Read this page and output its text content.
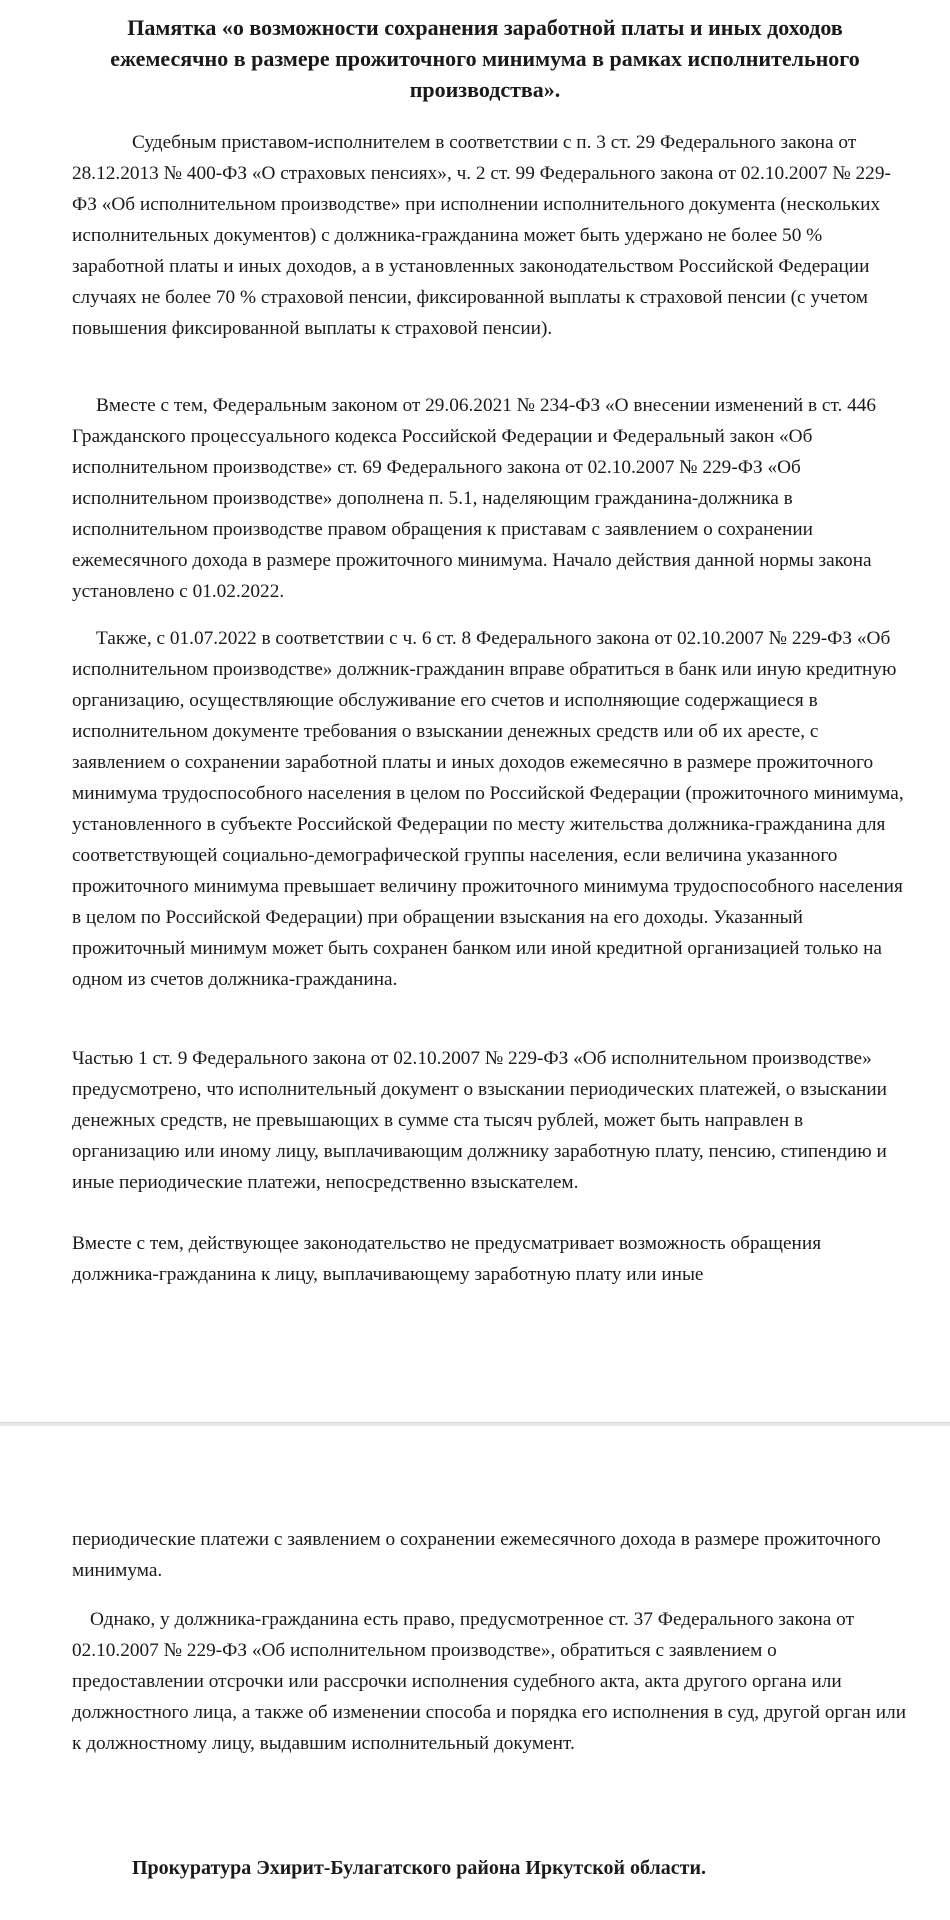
Памятка «о возможности сохранения заработной платы и иных доходов ежемесячно в размере прожиточного минимума в рамках исполнительного производства».

Судебным приставом-исполнителем в соответствии с п. 3 ст. 29 Федерального закона от 28.12.2013 № 400-ФЗ «О страховых пенсиях», ч. 2 ст. 99 Федерального закона от 02.10.2007 № 229-ФЗ «Об исполнительном производстве» при исполнении исполнительного документа (нескольких исполнительных документов) с должника-гражданина может быть удержано не более 50 % заработной платы и иных доходов, а в установленных законодательством Российской Федерации случаях не более 70 % страховой пенсии, фиксированной выплаты к страховой пенсии (с учетом повышения фиксированной выплаты к страховой пенсии).

Вместе с тем, Федеральным законом от 29.06.2021 № 234-ФЗ «О внесении изменений в ст. 446 Гражданского процессуального кодекса Российской Федерации и Федеральный закон «Об исполнительном производстве» ст. 69 Федерального закона от 02.10.2007 № 229-ФЗ «Об исполнительном производстве» дополнена п. 5.1, наделяющим гражданина-должника в исполнительном производстве правом обращения к приставам с заявлением о сохранении ежемесячного дохода в размере прожиточного минимума. Начало действия данной нормы закона установлено с 01.02.2022.

Также, с 01.07.2022 в соответствии с ч. 6 ст. 8 Федерального закона от 02.10.2007 № 229-ФЗ «Об исполнительном производстве» должник-гражданин вправе обратиться в банк или иную кредитную организацию, осуществляющие обслуживание его счетов и исполняющие содержащиеся в исполнительном документе требования о взыскании денежных средств или об их аресте, с заявлением о сохранении заработной платы и иных доходов ежемесячно в размере прожиточного минимума трудоспособного населения в целом по Российской Федерации (прожиточного минимума, установленного в субъекте Российской Федерации по месту жительства должника-гражданина для соответствующей социально-демографической группы населения, если величина указанного прожиточного минимума превышает величину прожиточного минимума трудоспособного населения в целом по Российской Федерации) при обращении взыскания на его доходы. Указанный прожиточный минимум может быть сохранен банком или иной кредитной организацией только на одном из счетов должника-гражданина.

Частью 1 ст. 9 Федерального закона от 02.10.2007 № 229-ФЗ «Об исполнительном производстве» предусмотрено, что исполнительный документ о взыскании периодических платежей, о взыскании денежных средств, не превышающих в сумме ста тысяч рублей, может быть направлен в организацию или иному лицу, выплачивающим должнику заработную плату, пенсию, стипендию и иные периодические платежи, непосредственно взыскателем.

Вместе с тем, действующее законодательство не предусматривает возможность обращения должника-гражданина к лицу, выплачивающему заработную плату или иные

периодические платежи с заявлением о сохранении ежемесячного дохода в размере прожиточного минимума.

Однако, у должника-гражданина есть право, предусмотренное ст. 37 Федерального закона от 02.10.2007 № 229-ФЗ «Об исполнительном производстве», обратиться с заявлением о предоставлении отсрочки или рассрочки исполнения судебного акта, акта другого органа или должностного лица, а также об изменении способа и порядка его исполнения в суд, другой орган или к должностному лицу, выдавшим исполнительный документ.

Прокуратура Эхирит-Булагатского района Иркутской области.
